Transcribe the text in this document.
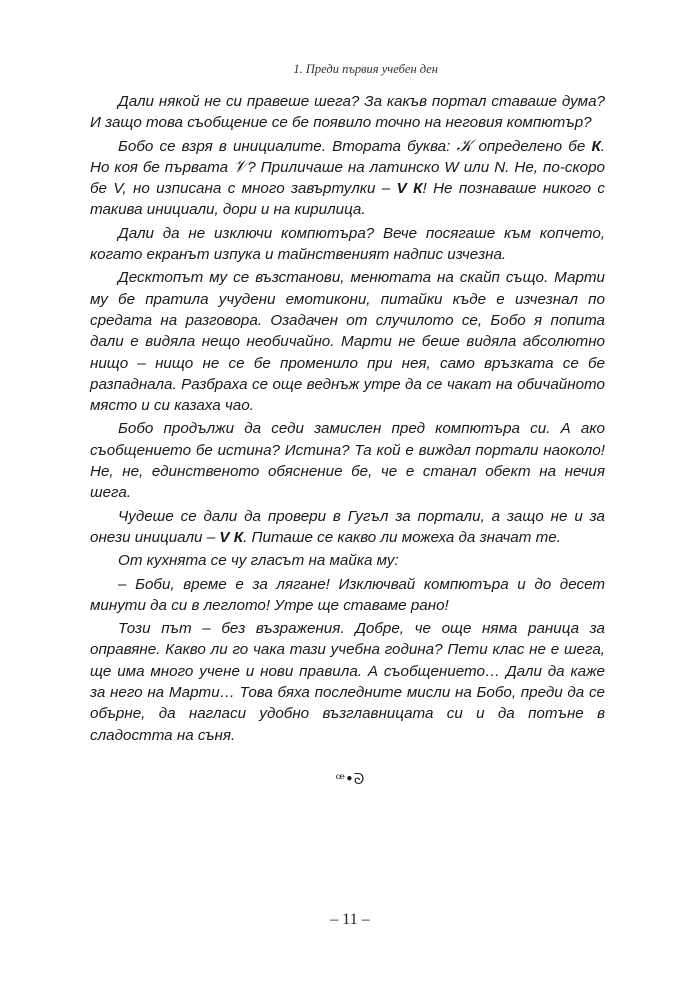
1. Преди първия учебен ден

Дали някой не си правеше шега? За какъв портал ставаше дума? И защо това съобщение се бе появило точно на неговия компютър?

Бобо се взря в инициалите. Втората буква: 𝒦 определено бе К. Но коя бе първата 𝒱? Приличаше на латинско W или N. Не, по-скоро бе V, но изписана с много завъртулки – V К! Не познаваше никого с такива инициали, дори и на кирилица.

Дали да не изключи компютъра? Вече посягаше към копчето, когато екранът изпука и тайнственият надпис изчезна.

Десктопът му се възстанови, менютата на скайп също. Марти му бе пратила учудени емотикони, питайки къде е изчезнал по средата на разговора. Озадачен от случилото се, Бобо я попита дали е видяла нещо необичайно. Марти не беше видяла абсолютно нищо – нищо не се бе променило при нея, само връзката се бе разпаднала. Разбраха се още веднъж утре да се чакат на обичайното място и си казаха чао.

Бобо продължи да седи замислен пред компютъра си. А ако съобщението бе истина? Истина? Та кой е виждал портали наоколо! Не, не, единственото обяснение бе, че е станал обект на нечия шега.

Чудеше се дали да провери в Гугъл за портали, а защо не и за онези инициали – V К. Питаше се какво ли можеха да значат те.

От кухнята се чу гласът на майка му:

– Боби, време е за лягане! Изключвай компютъра и до десет минути да си в леглото! Утре ще ставаме рано!

Този път – без възражения. Добре, че още няма раница за оправяне. Какво ли го чака тази учебна година? Пети клас не е шега, ще има много учене и нови правила. А съобщението… Дали да каже за него на Марти… Това бяха последните мисли на Бобо, преди да се обърне, да нагласи удобно възглавницата си и да потъне в сладостта на съня.

ꟹ•ᘐ
– 11 –
